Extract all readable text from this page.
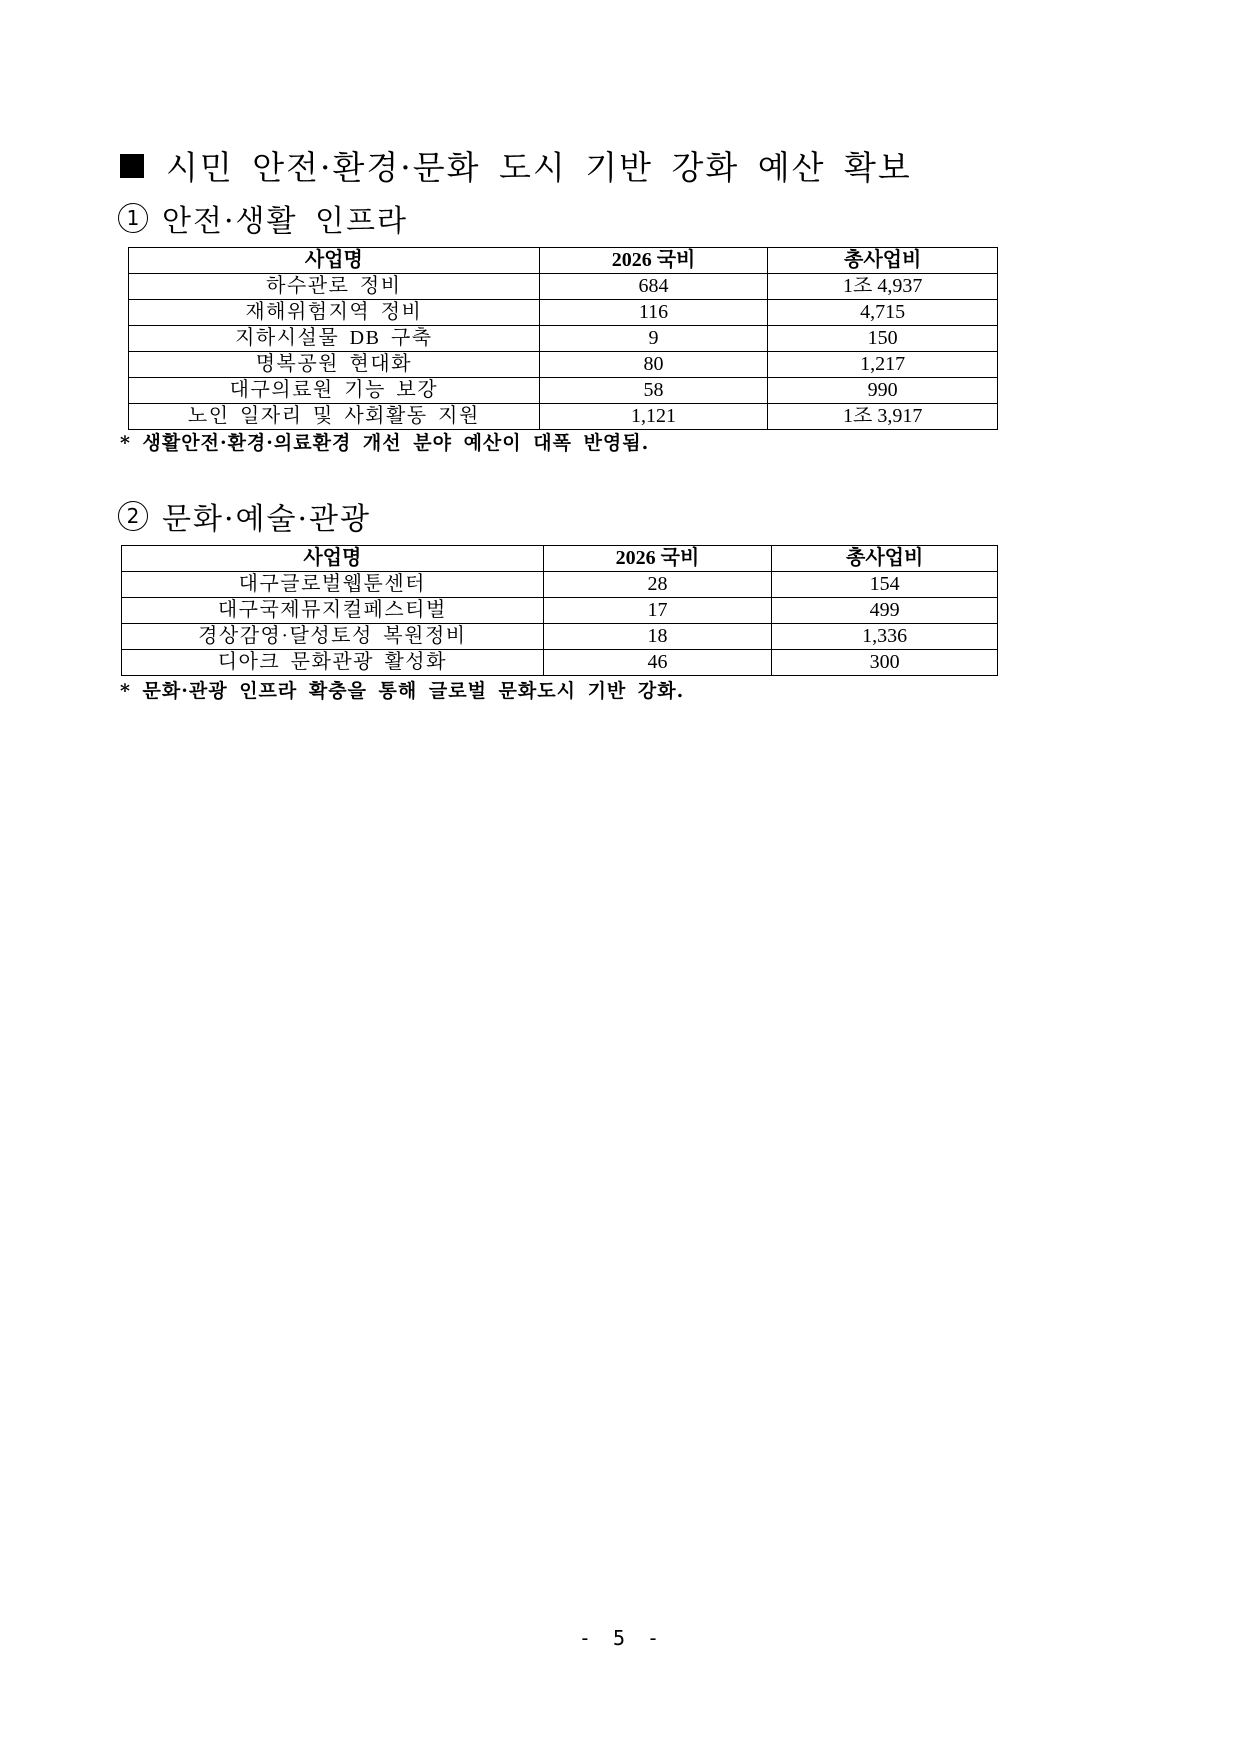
시민 안전·환경·문화 도시 기반 강화 예산 확보
1 안전·생활 인프라
사업명	2026 국비	총사업비
하수관로 정비	684	1조 4,937
재해위험지역 정비	116	4,715
지하시설물 DB 구축	9	150
명복공원 현대화	80	1,217
대구의료원 기능 보강	58	990
노인 일자리 및 사회활동 지원	1,121	1조 3,917
* 생활안전·환경·의료환경 개선 분야 예산이 대폭 반영됨.
2 문화·예술·관광
사업명	2026 국비	총사업비
대구글로벌웹툰센터	28	154
대구국제뮤지컬페스티벌	17	499
경상감영·달성토성 복원정비	18	1,336
디아크 문화관광 활성화	46	300
* 문화·관광 인프라 확충을 통해 글로벌 문화도시 기반 강화.
- 5 -
